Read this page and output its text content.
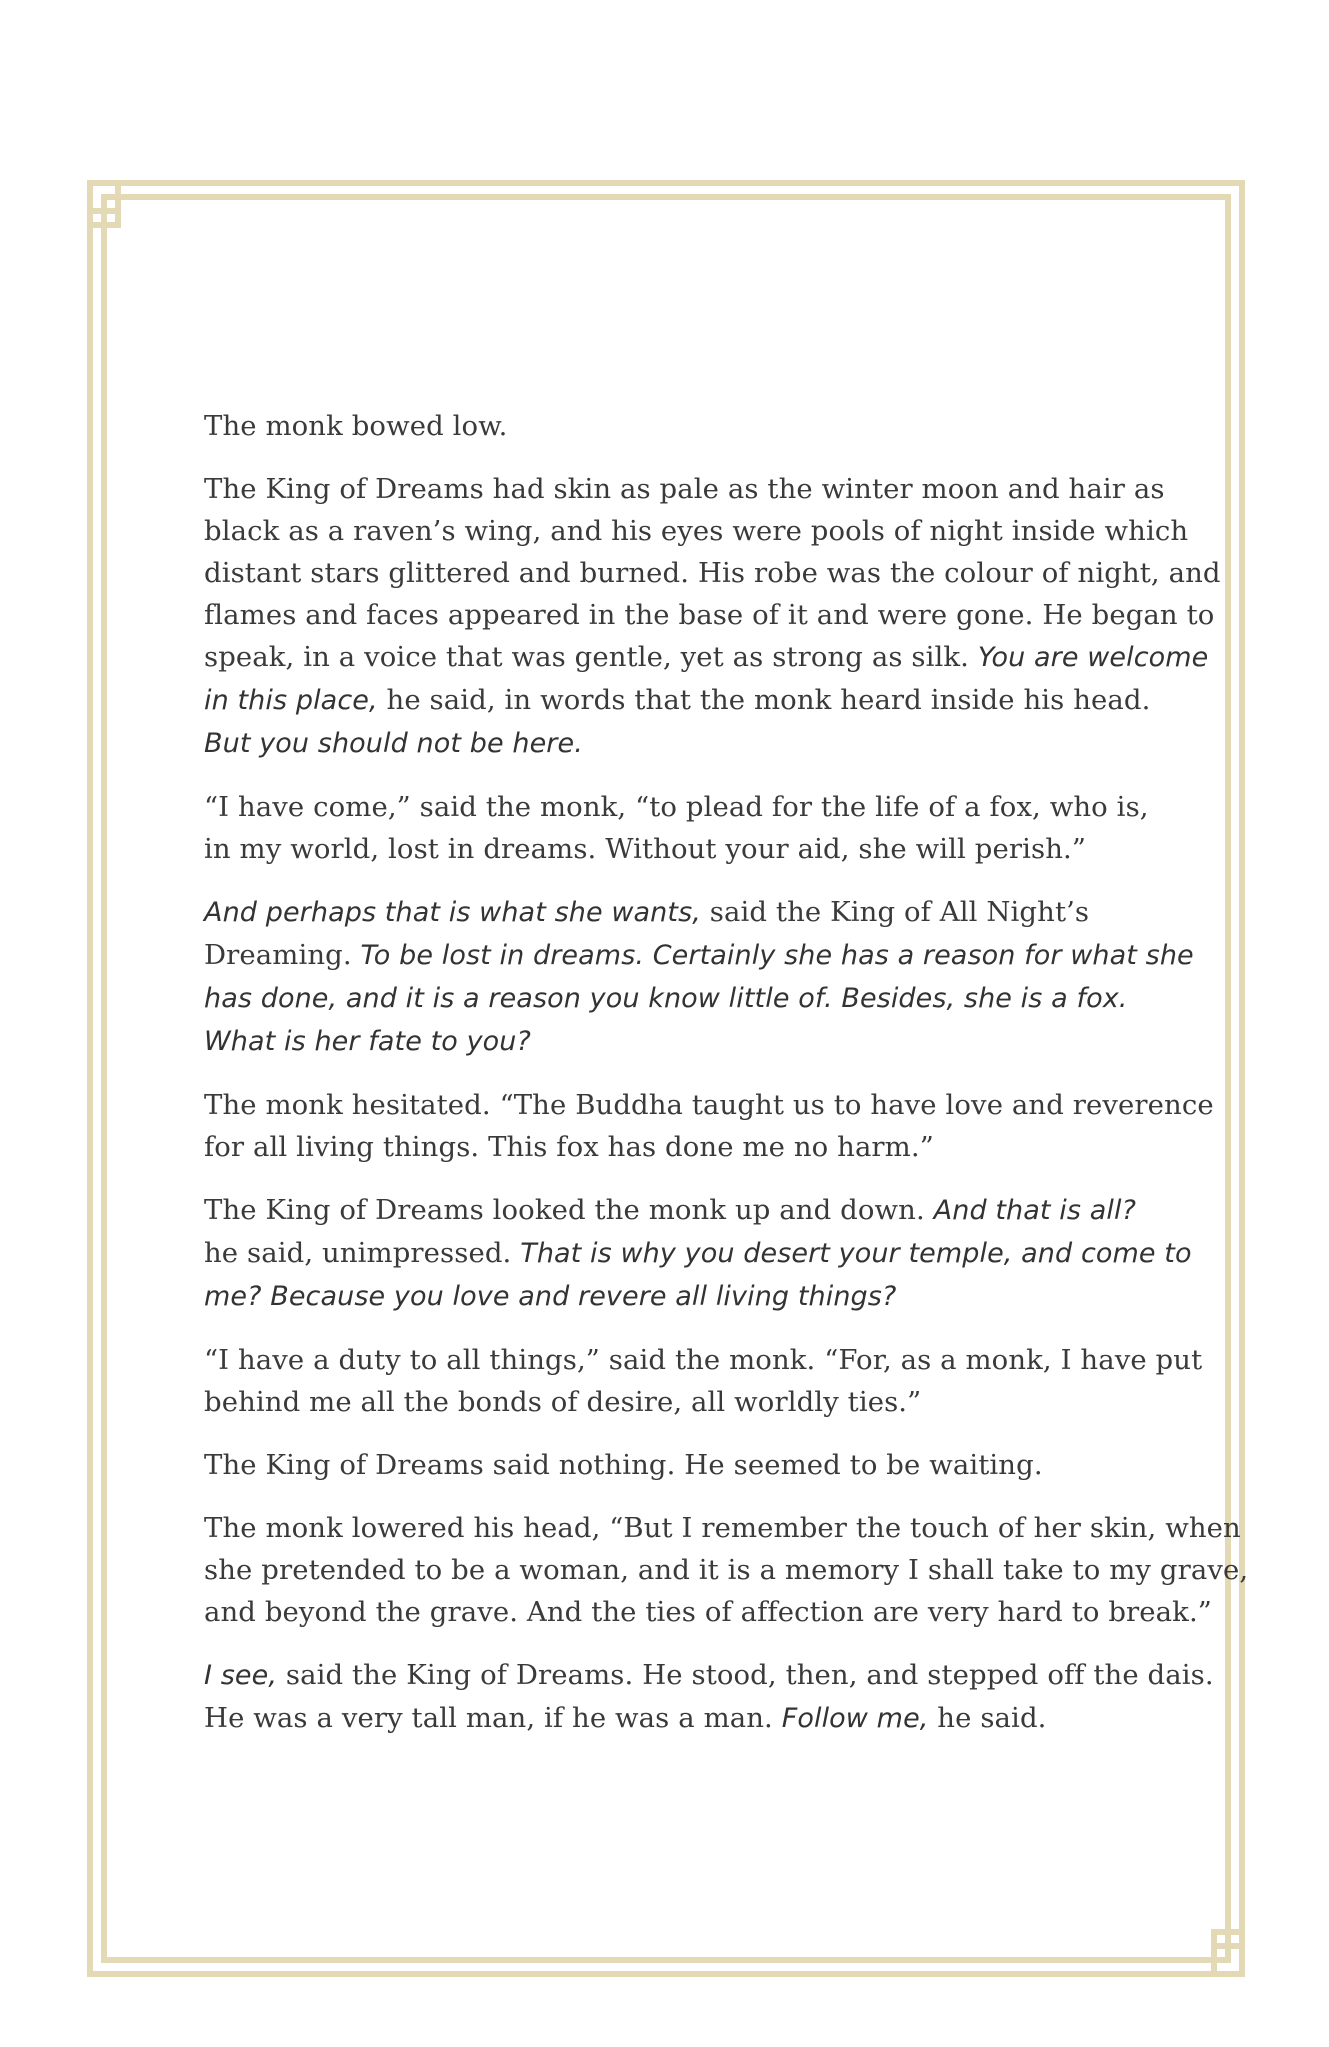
The monk bowed low.

The King of Dreams had skin as pale as the winter moon and hair as
black as a raven’s wing, and his eyes were pools of night inside which
distant stars glittered and burned. His robe was the colour of night, and
flames and faces appeared in the base of it and were gone. He began to
speak, in a voice that was gentle, yet as strong as silk. You are welcome
in this place, he said, in words that the monk heard inside his head.
But you should not be here.

“I have come,” said the monk, “to plead for the life of a fox, who is,
in my world, lost in dreams. Without your aid, she will perish.”

And perhaps that is what she wants, said the King of All Night’s
Dreaming. To be lost in dreams. Certainly she has a reason for what she
has done, and it is a reason you know little of. Besides, she is a fox.
What is her fate to you?

The monk hesitated. “The Buddha taught us to have love and reverence
for all living things. This fox has done me no harm.”

The King of Dreams looked the monk up and down. And that is all?
he said, unimpressed. That is why you desert your temple, and come to
me? Because you love and revere all living things?

“I have a duty to all things,” said the monk. “For, as a monk, I have put
behind me all the bonds of desire, all worldly ties.”

The King of Dreams said nothing. He seemed to be waiting.

The monk lowered his head, “But I remember the touch of her skin, when
she pretended to be a woman, and it is a memory I shall take to my grave,
and beyond the grave. And the ties of affection are very hard to break.”

I see, said the King of Dreams. He stood, then, and stepped off the dais.
He was a very tall man, if he was a man. Follow me, he said.
